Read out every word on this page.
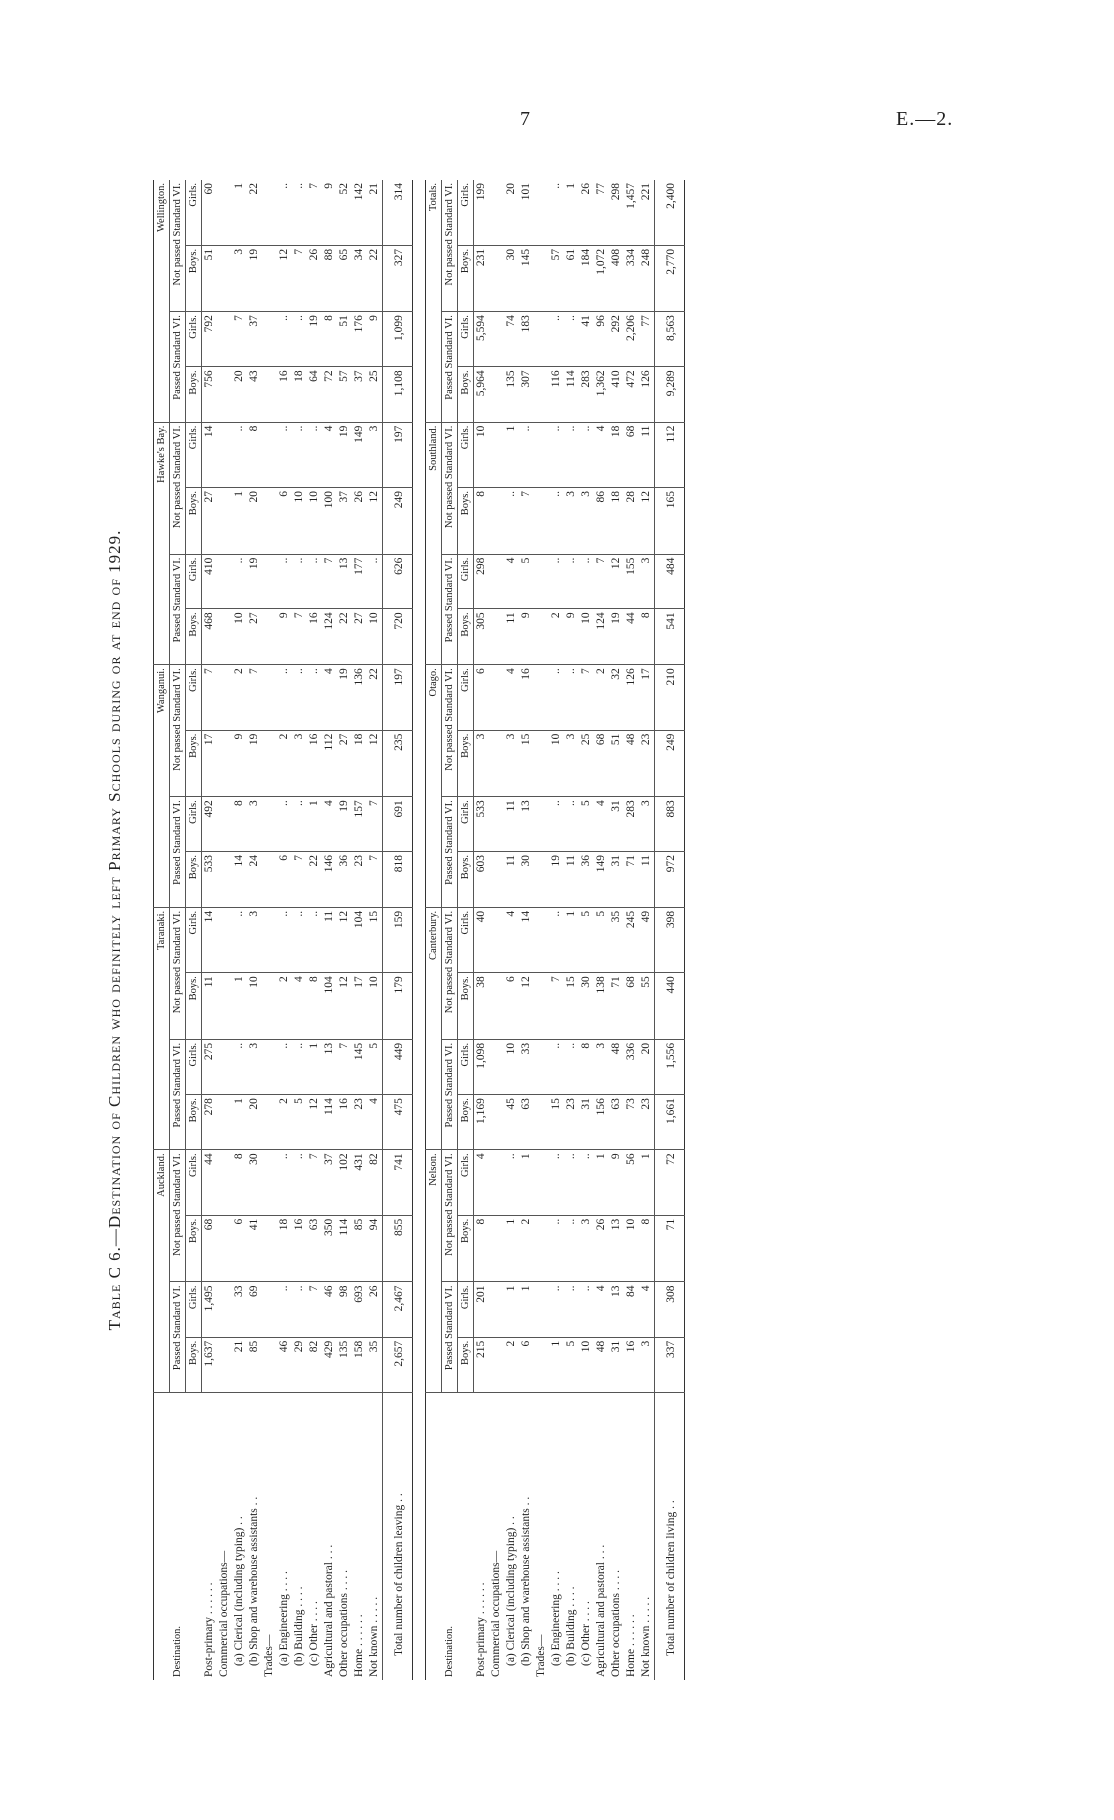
7	E.—2.
Table C 6.—Destination of Children who definitely left Primary Schools during or at end of 1929.
Destination.	Auckland.				Taranaki.				Wanganui.				Hawke's Bay.				Wellington.			
	Passed Standard VI.		Not passed Standard VI.		Passed Standard VI.		Not passed Standard VI.		Passed Standard VI.		Not passed Standard VI.		Passed Standard VI.		Not passed Standard VI.		Passed Standard VI.		Not passed Standard VI.	
	Boys.	Girls.	Boys.	Girls.	Boys.	Girls.	Boys.	Girls.	Boys.	Girls.	Boys.	Girls.	Boys.	Girls.	Boys.	Girls.	Boys.	Girls.	Boys.	Girls.
Post-primary . . . . . .	1,637	1,495	68	44	278	275	11	14	533	492	17	7	468	410	27	14	756	792	51	60
Commercial occupations—																				
(a) Clerical (including typing) . .	21	33	6	8	1	..	1	..	14	8	9	2	10	..	1	..	20	7	3	1
(b) Shop and warehouse assistants . .	85	69	41	30	20	3	10	3	24	3	19	7	27	19	20	8	43	37	19	22
Trades—																				
(a) Engineering . . . .	46	..	18	..	2	..	2	..	6	..	2	..	9	..	6	..	16	..	12	..
(b) Building . . . .	29	..	16	..	5	..	4	..	7	..	3	..	7	..	10	..	18	..	7	..
(c) Other . . . .	82	7	63	7	12	1	8	..	22	1	16	..	16	..	10	..	64	19	26	7
Agricultural and pastoral . . .	429	46	350	37	114	13	104	11	146	4	112	4	124	7	100	4	72	8	88	9
Other occupations . . . .	135	98	114	102	16	7	12	12	36	19	27	19	22	13	37	19	57	51	65	52
Home . . . . . .	158	693	85	431	23	145	17	104	23	157	18	136	27	177	26	149	37	176	34	142
Not known . . . . .	35	26	94	82	4	5	10	15	7	7	12	22	10	..	12	3	25	9	22	21
Total number of children leaving . .	2,657	2,467	855	741	475	449	179	159	818	691	235	197	720	626	249	197	1,108	1,099	327	314

Destination.	Nelson.				Canterbury.				Otago.				Southland.				Totals.			
	Passed Standard VI.		Not passed Standard VI.		Passed Standard VI.		Not passed Standard VI.		Passed Standard VI.		Not passed Standard VI.		Passed Standard VI.		Not passed Standard VI.		Passed Standard VI.		Not passed Standard VI.	
	Boys.	Girls.	Boys.	Girls.	Boys.	Girls.	Boys.	Girls.	Boys.	Girls.	Boys.	Girls.	Boys.	Girls.	Boys.	Girls.	Boys.	Girls.	Boys.	Girls.
Post-primary . . . . . .	215	201	8	4	1,169	1,098	38	40	603	533	3	6	305	298	8	10	5,964	5,594	231	199
Commercial occupations—																				
(a) Clerical (including typing) . .	2	1	1	..	45	10	6	4	11	11	3	4	11	4	..	1	135	74	30	20
(b) Shop and warehouse assistants . .	6	1	2	1	63	33	12	14	30	13	15	16	9	5	7	..	307	183	145	101
Trades—																				
(a) Engineering . . . .	1	..	..	..	15	..	7	..	19	..	10	..	2	..	..	..	116	..	57	..
(b) Building . . . .	5	..	..	..	23	..	15	1	11	..	3	..	9	..	3	..	114	..	61	1
(c) Other . . . .	10	..	3	..	31	8	30	5	36	5	25	7	10	..	3	..	283	41	184	26
Agricultural and pastoral . . .	48	4	26	1	156	3	138	5	149	4	68	2	124	7	86	4	1,362	96	1,072	77
Other occupations . . . .	31	13	13	9	63	48	71	35	31	31	51	32	19	12	18	18	410	292	408	298
Home . . . . . .	16	84	10	56	73	336	68	245	71	283	48	126	44	155	28	68	472	2,206	334	1,457
Not known . . . . .	3	4	8	1	23	20	55	49	11	3	23	17	8	3	12	11	126	77	248	221
Total number of children living . .	337	308	71	72	1,661	1,556	440	398	972	883	249	210	541	484	165	112	9,289	8,563	2,770	2,400
